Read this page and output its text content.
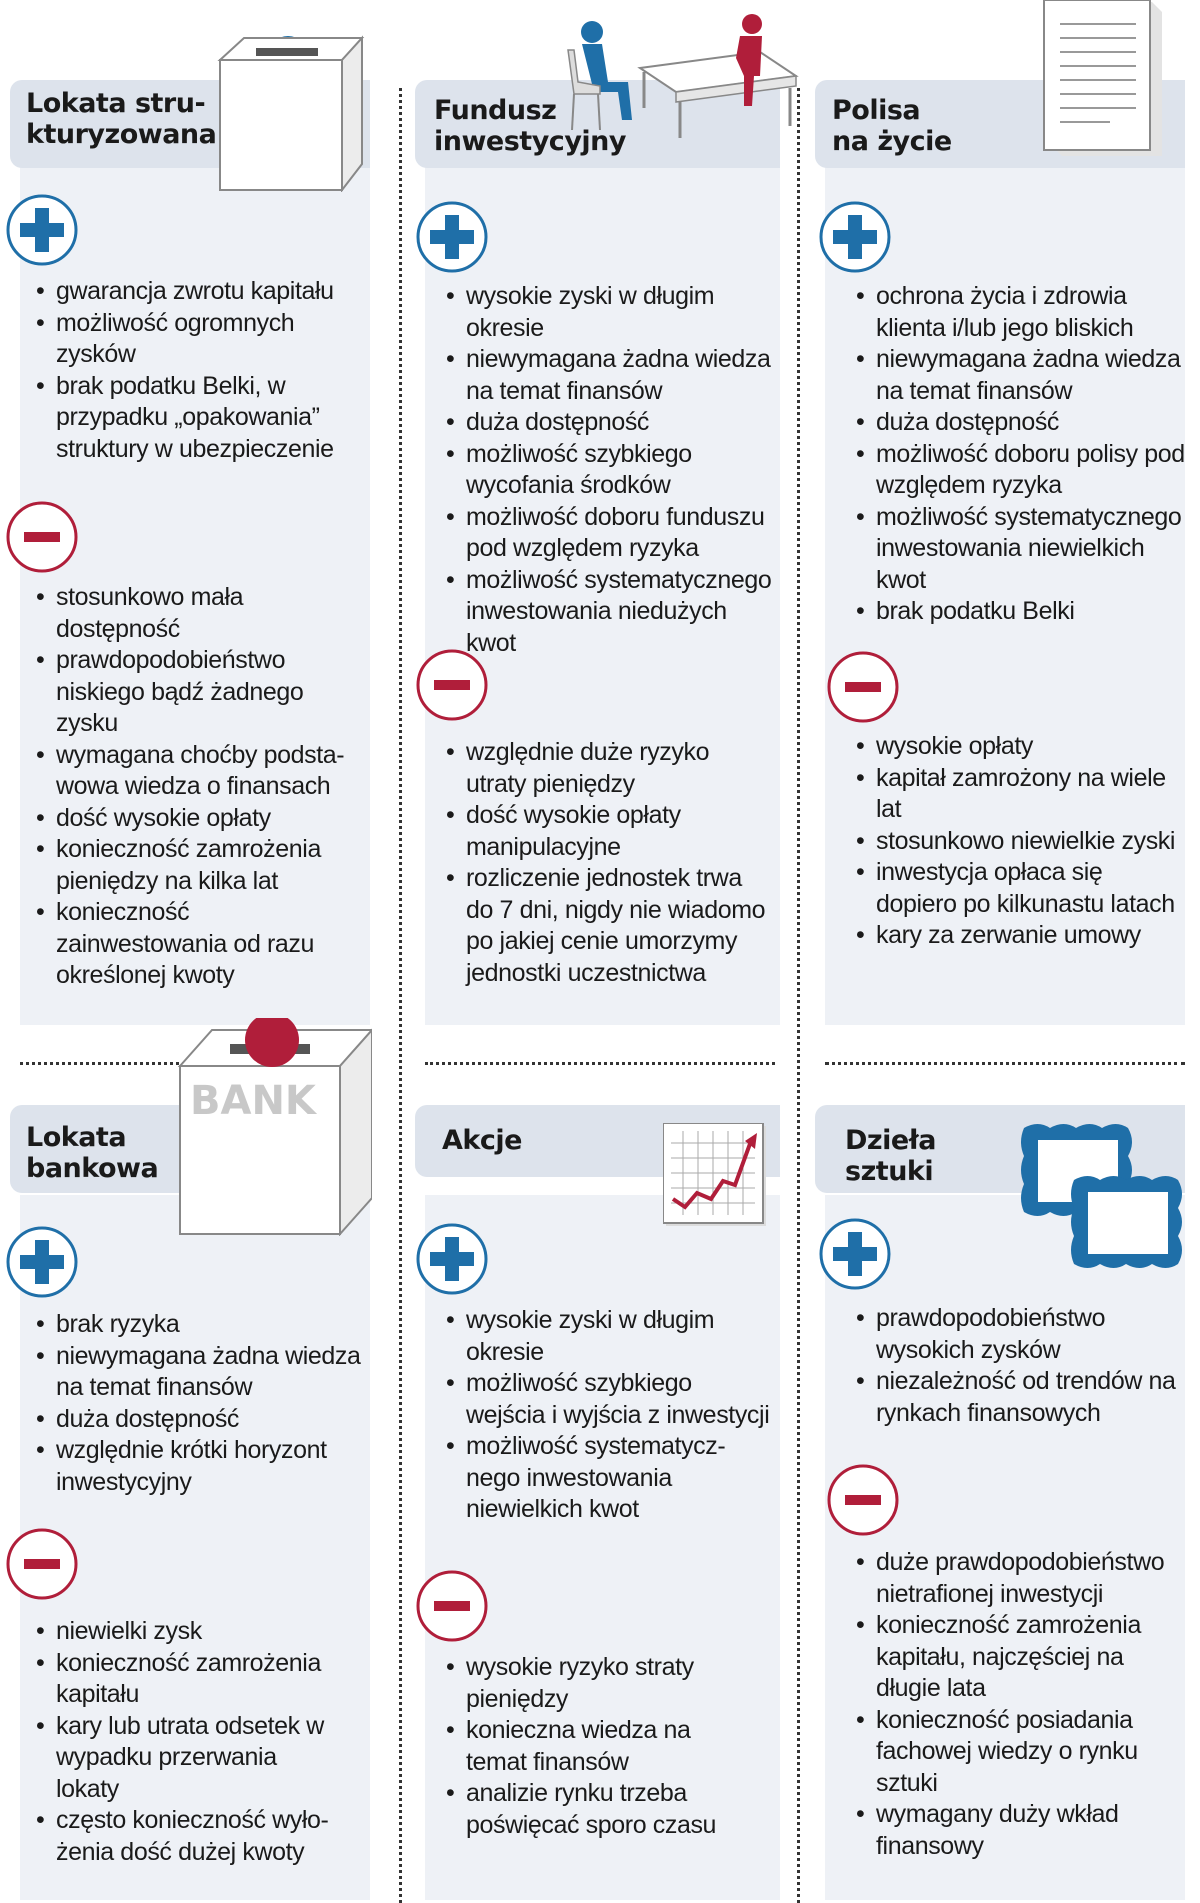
BANK
Lokata stru-
kturyzowana
Fundusz
inwestycyjny
Polisa
na życie
Lokata
bankowa
Akcje	Dzieła
sztuki
• gwarancja zwrotu kapitału
• możliwość ogromnych zysków
• brak podatku Belki, w przypadku „opakowania” struktury w ubezpieczenie
• stosunkowo mała dostępność
• prawdopodobieństwo niskiego bądź żadnego zysku
• wymagana choćby podsta-wowa wiedza o finansach
• dość wysokie opłaty
• konieczność zamrożenia pieniędzy na kilka lat
• konieczność zainwestowania od razu określonej kwoty
• wysokie zyski w długim okresie
• niewymagana żadna wiedza na temat finansów
• duża dostępność
• możliwość szybkiego wycofania środków
• możliwość doboru funduszu pod względem ryzyka
• możliwość systematycznego inwestowania niedużych kwot
• względnie duże ryzyko utraty pieniędzy
• dość wysokie opłaty manipulacyjne
• rozliczenie jednostek trwa do 7 dni, nigdy nie wiadomo po jakiej cenie umorzymy jednostki uczestnictwa
• ochrona życia i zdrowia klienta i/lub jego bliskich
• niewymagana żadna wiedza na temat finansów
• duża dostępność
• możliwość doboru polisy pod względem ryzyka
• możliwość systematycznego inwestowania niewielkich kwot
• brak podatku Belki
• wysokie opłaty
• kapitał zamrożony na wiele lat
• stosunkowo niewielkie zyski
• inwestycja opłaca się dopiero po kilkunastu latach
• kary za zerwanie umowy
• brak ryzyka
• niewymagana żadna wiedza na temat finansów
• duża dostępność
• względnie krótki horyzont inwestycyjny
• niewielki zysk
• konieczność zamrożenia kapitału
• kary lub utrata odsetek w wypadku przerwania lokaty
• często konieczność wyło-żenia dość dużej kwoty
• wysokie zyski w długim okresie
• możliwość szybkiego wejścia i wyjścia z inwestycji
• możliwość systematycz-nego inwestowania niewielkich kwot
• wysokie ryzyko straty pieniędzy
• konieczna wiedza na temat finansów
• analizie rynku trzeba poświęcać sporo czasu
• prawdopodobieństwo wysokich zysków
• niezależność od trendów na rynkach finansowych
• duże prawdopodobieństwo nietrafionej inwestycji
• konieczność zamrożenia kapitału, najczęściej na długie lata
• konieczność posiadania fachowej wiedzy o rynku sztuki
• wymagany duży wkład finansowy
